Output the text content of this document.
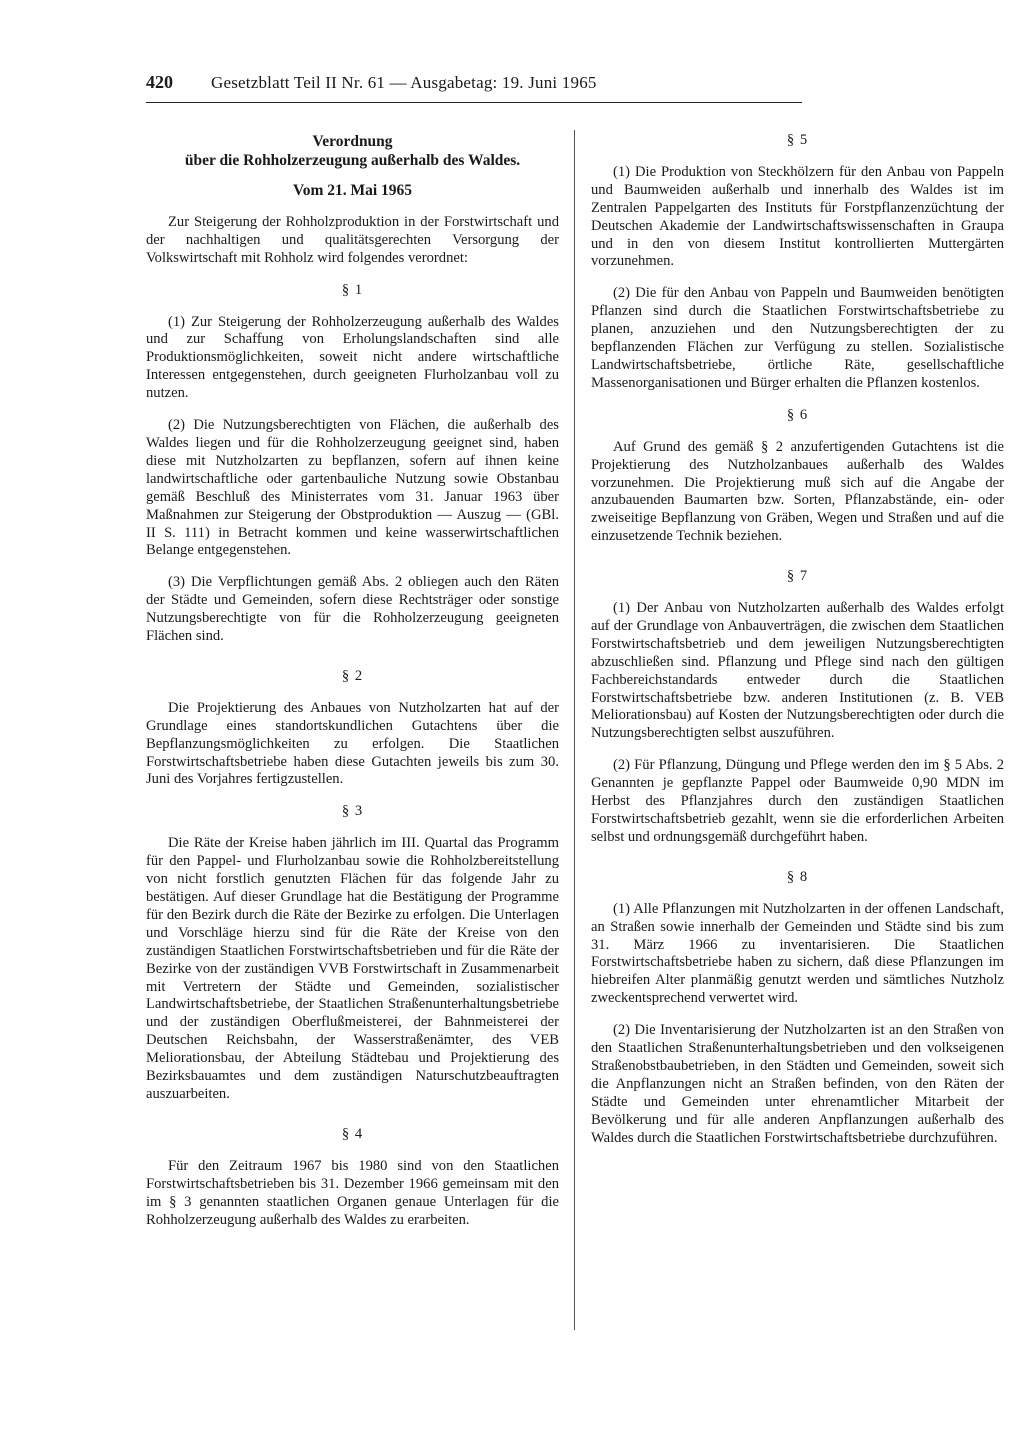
420 Gesetzblatt Teil II Nr. 61 — Ausgabetag: 19. Juni 1965

Verordnung

über die Rohholzerzeugung außerhalb des Waldes.

Vom 21. Mai 1965

Zur Steigerung der Rohholzproduktion in der Forstwirtschaft und der nachhaltigen und qualitätsgerechten Versorgung der Volkswirtschaft mit Rohholz wird folgendes verordnet:

§ 1

(1) Zur Steigerung der Rohholzerzeugung außerhalb des Waldes und zur Schaffung von Erholungslandschaften sind alle Produktionsmöglichkeiten, soweit nicht andere wirtschaftliche Interessen entgegenstehen, durch geeigneten Flurholzanbau voll zu nutzen.

(2) Die Nutzungsberechtigten von Flächen, die außerhalb des Waldes liegen und für die Rohholzerzeugung geeignet sind, haben diese mit Nutzholzarten zu bepflanzen, sofern auf ihnen keine landwirtschaftliche oder gartenbauliche Nutzung sowie Obstanbau gemäß Beschluß des Ministerrates vom 31. Januar 1963 über Maßnahmen zur Steigerung der Obstproduktion — Auszug — (GBl. II S. 111) in Betracht kommen und keine wasserwirtschaftlichen Belange entgegenstehen.

(3) Die Verpflichtungen gemäß Abs. 2 obliegen auch den Räten der Städte und Gemeinden, sofern diese Rechtsträger oder sonstige Nutzungsberechtigte von für die Rohholzerzeugung geeigneten Flächen sind.

§ 2

Die Projektierung des Anbaues von Nutzholzarten hat auf der Grundlage eines standortskundlichen Gutachtens über die Bepflanzungsmöglichkeiten zu erfolgen. Die Staatlichen Forstwirtschaftsbetriebe haben diese Gutachten jeweils bis zum 30. Juni des Vorjahres fertigzustellen.

§ 3

Die Räte der Kreise haben jährlich im III. Quartal das Programm für den Pappel- und Flurholzanbau sowie die Rohholzbereitstellung von nicht forstlich genutzten Flächen für das folgende Jahr zu bestätigen. Auf dieser Grundlage hat die Bestätigung der Programme für den Bezirk durch die Räte der Bezirke zu erfolgen. Die Unterlagen und Vorschläge hierzu sind für die Räte der Kreise von den zuständigen Staatlichen Forstwirtschaftsbetrieben und für die Räte der Bezirke von der zuständigen VVB Forstwirtschaft in Zusammenarbeit mit Vertretern der Städte und Gemeinden, sozialistischer Landwirtschaftsbetriebe, der Staatlichen Straßenunterhaltungsbetriebe und der zuständigen Oberflußmeisterei, der Bahnmeisterei der Deutschen Reichsbahn, der Wasserstraßenämter, des VEB Meliorationsbau, der Abteilung Städtebau und Projektierung des Bezirksbauamtes und dem zuständigen Naturschutzbeauftragten auszuarbeiten.

§ 4

Für den Zeitraum 1967 bis 1980 sind von den Staatlichen Forstwirtschaftsbetrieben bis 31. Dezember 1966 gemeinsam mit den im § 3 genannten staatlichen Organen genaue Unterlagen für die Rohholzerzeugung außerhalb des Waldes zu erarbeiten.

§ 5

(1) Die Produktion von Steckhölzern für den Anbau von Pappeln und Baumweiden außerhalb und innerhalb des Waldes ist im Zentralen Pappelgarten des Instituts für Forstpflanzenzüchtung der Deutschen Akademie der Landwirtschaftswissenschaften in Graupa und in den von diesem Institut kontrollierten Muttergärten vorzunehmen.

(2) Die für den Anbau von Pappeln und Baumweiden benötigten Pflanzen sind durch die Staatlichen Forstwirtschaftsbetriebe zu planen, anzuziehen und den Nutzungsberechtigten der zu bepflanzenden Flächen zur Verfügung zu stellen. Sozialistische Landwirtschaftsbetriebe, örtliche Räte, gesellschaftliche Massenorganisationen und Bürger erhalten die Pflanzen kostenlos.

§ 6

Auf Grund des gemäß § 2 anzufertigenden Gutachtens ist die Projektierung des Nutzholzanbaues außerhalb des Waldes vorzunehmen. Die Projektierung muß sich auf die Angabe der anzubauenden Baumarten bzw. Sorten, Pflanzabstände, ein- oder zweiseitige Bepflanzung von Gräben, Wegen und Straßen und auf die einzusetzende Technik beziehen.

§ 7

(1) Der Anbau von Nutzholzarten außerhalb des Waldes erfolgt auf der Grundlage von Anbauverträgen, die zwischen dem Staatlichen Forstwirtschaftsbetrieb und dem jeweiligen Nutzungsberechtigten abzuschließen sind. Pflanzung und Pflege sind nach den gültigen Fachbereichstandards entweder durch die Staatlichen Forstwirtschaftsbetriebe bzw. anderen Institutionen (z. B. VEB Meliorationsbau) auf Kosten der Nutzungsberechtigten oder durch die Nutzungsberechtigten selbst auszuführen.

(2) Für Pflanzung, Düngung und Pflege werden den im § 5 Abs. 2 Genannten je gepflanzte Pappel oder Baumweide 0,90 MDN im Herbst des Pflanzjahres durch den zuständigen Staatlichen Forstwirtschaftsbetrieb gezahlt, wenn sie die erforderlichen Arbeiten selbst und ordnungsgemäß durchgeführt haben.

§ 8

(1) Alle Pflanzungen mit Nutzholzarten in der offenen Landschaft, an Straßen sowie innerhalb der Gemeinden und Städte sind bis zum 31. März 1966 zu inventarisieren. Die Staatlichen Forstwirtschaftsbetriebe haben zu sichern, daß diese Pflanzungen im hiebreifen Alter planmäßig genutzt werden und sämtliches Nutzholz zweckentsprechend verwertet wird.

(2) Die Inventarisierung der Nutzholzarten ist an den Straßen von den Staatlichen Straßenunterhaltungsbetrieben und den volkseigenen Straßenobstbaubetrieben, in den Städten und Gemeinden, soweit sich die Anpflanzungen nicht an Straßen befinden, von den Räten der Städte und Gemeinden unter ehrenamtlicher Mitarbeit der Bevölkerung und für alle anderen Anpflanzungen außerhalb des Waldes durch die Staatlichen Forstwirtschaftsbetriebe durchzuführen.
